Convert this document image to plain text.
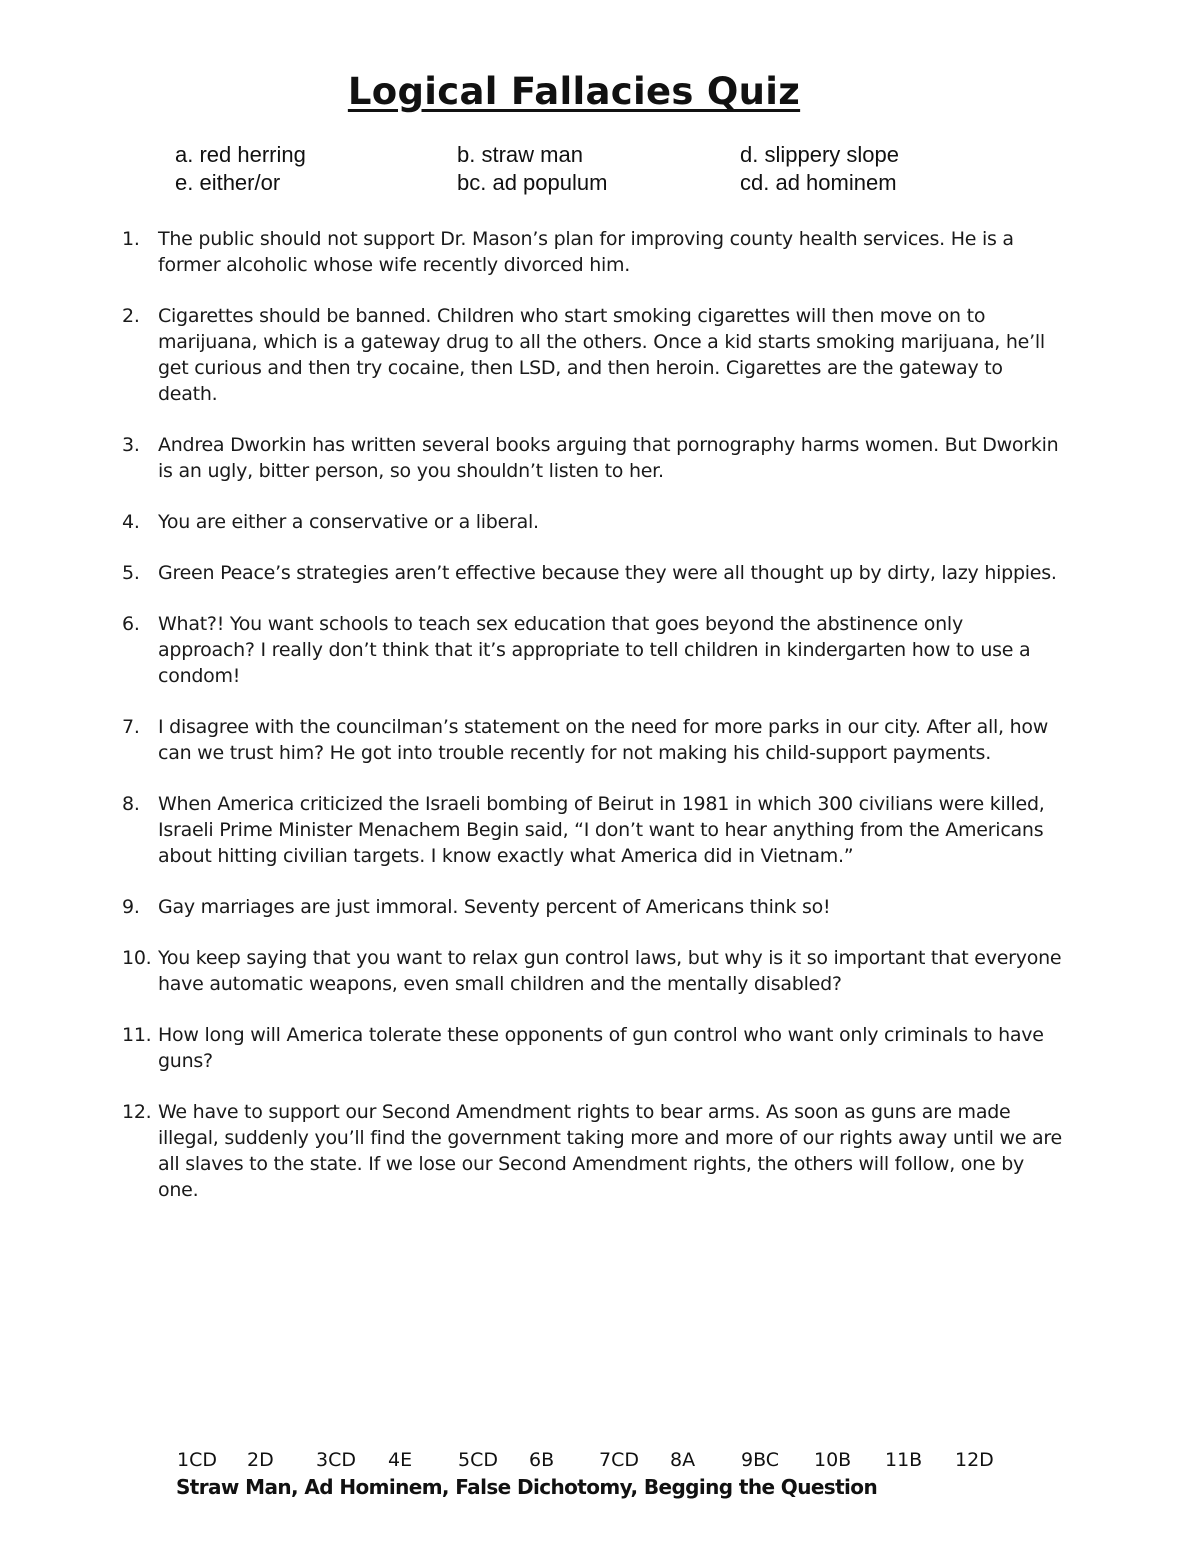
Logical Fallacies Quiz
a. red herring	b. straw man	d. slippery slope
e. either/or	bc. ad populum	cd. ad hominem
1. The public should not support Dr. Mason’s plan for improving county health services. He is a former alcoholic whose wife recently divorced him.
2. Cigarettes should be banned. Children who start smoking cigarettes will then move on to marijuana, which is a gateway drug to all the others. Once a kid starts smoking marijuana, he’ll get curious and then try cocaine, then LSD, and then heroin. Cigarettes are the gateway to death.
3. Andrea Dworkin has written several books arguing that pornography harms women. But Dworkin is an ugly, bitter person, so you shouldn’t listen to her.
4. You are either a conservative or a liberal.
5. Green Peace’s strategies aren’t effective because they were all thought up by dirty, lazy hippies.
6. What?! You want schools to teach sex education that goes beyond the abstinence only approach? I really don’t think that it’s appropriate to tell children in kindergarten how to use a condom!
7. I disagree with the councilman’s statement on the need for more parks in our city. After all, how can we trust him? He got into trouble recently for not making his child-support payments.
8. When America criticized the Israeli bombing of Beirut in 1981 in which 300 civilians were killed, Israeli Prime Minister Menachem Begin said, “I don’t want to hear anything from the Americans about hitting civilian targets. I know exactly what America did in Vietnam.”
9. Gay marriages are just immoral. Seventy percent of Americans think so!
10. You keep saying that you want to relax gun control laws, but why is it so important that everyone have automatic weapons, even small children and the mentally disabled?
11. How long will America tolerate these opponents of gun control who want only criminals to have guns?
12. We have to support our Second Amendment rights to bear arms. As soon as guns are made illegal, suddenly you’ll find the government taking more and more of our rights away until we are all slaves to the state. If we lose our Second Amendment rights, the others will follow, one by one.
1CD	2D	3CD	4E	5CD	6B	7CD	8A	9BC	10B	11B	12D
Straw Man, Ad Hominem, False Dichotomy, Begging the Question
